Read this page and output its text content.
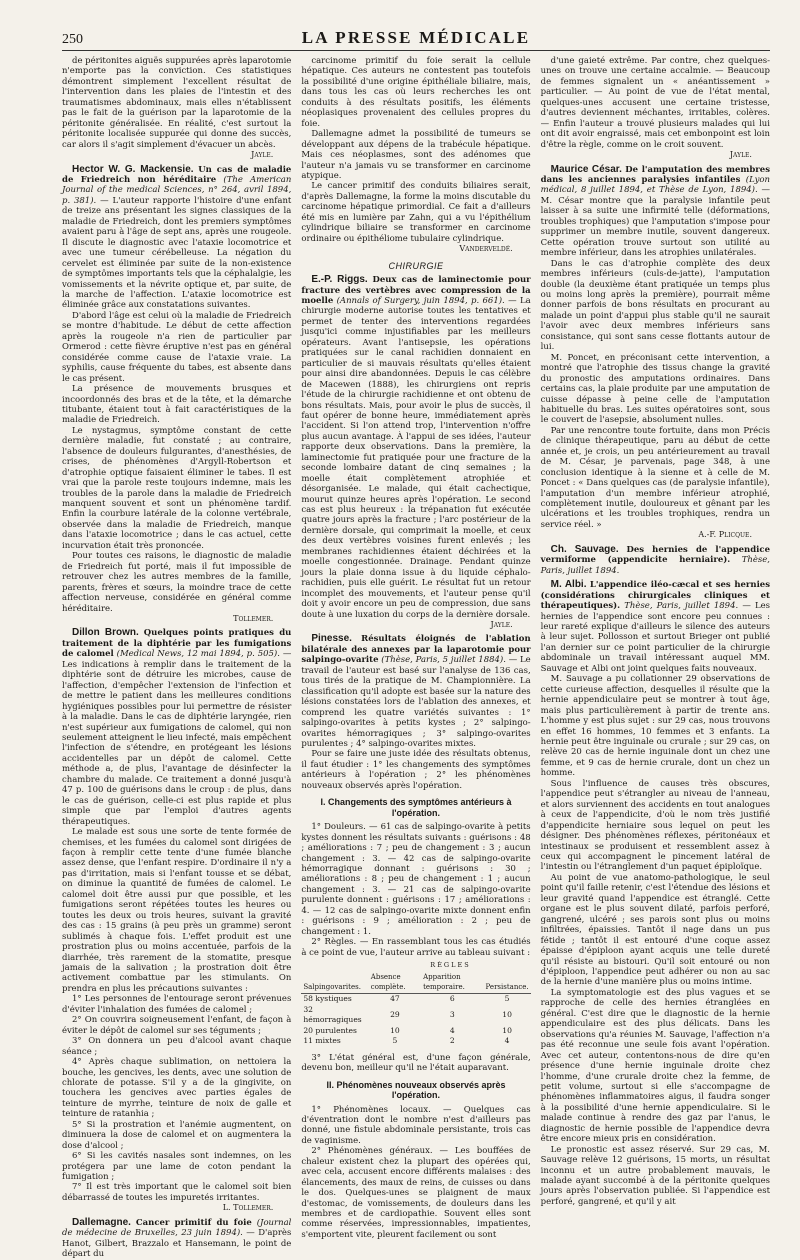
250	LA PRESSE MÉDICALE

de péritonites aiguës suppurées après laparotomie n'emporte pas la conviction. Ces statistiques démontrent simplement l'excellent résultat de l'intervention dans les plaies de l'intestin et des traumatismes abdominaux, mais elles n'établissent pas le fait de la guérison par la laparotomie de la péritonite généralisée. En réalité, c'est surtout la péritonite localisée suppurée qui donne des succès, car alors il s'agit simplement d'évacuer un abcès.

Jayle.

Hector W. G. Mackensie. Un cas de maladie de Friedreich non héréditaire (The American Journal of the medical Sciences, n° 264, avril 1894, p. 381). — L'auteur rapporte l'histoire d'une enfant de treize ans présentant les signes classiques de la maladie de Friedreich, dont les premiers symptômes avaient paru à l'âge de sept ans, après une rougeole. Il discute le diagnostic avec l'ataxie locomotrice et avec une tumeur cérébelleuse. La négation du cervelet est éliminée par suite de la non-existence de symptômes importants tels que la céphalalgie, les vomissements et la névrite optique et, par suite, de la marche de l'affection. L'ataxie locomotrice est éliminée grâce aux constatations suivantes.

D'abord l'âge est celui où la maladie de Friedreich se montre d'habitude. Le début de cette affection après la rougeole n'a rien de particulier par Ormerod : cette fièvre éruptive n'est pas en général considérée comme cause de l'ataxie vraie. La syphilis, cause fréquente du tabes, est absente dans le cas présent.

La présence de mouvements brusques et incoordonnés des bras et de la tête, et la démarche titubante, étaient tout à fait caractéristiques de la maladie de Friedreich.

Le nystagmus, symptôme constant de cette dernière maladie, fut constaté ; au contraire, l'absence de douleurs fulgurantes, d'anesthésies, de crises, de phénomènes d'Argyll-Robertson et d'atrophie optique faisaient éliminer le tabes. Il est vrai que la parole reste toujours indemne, mais les troubles de la parole dans la maladie de Friedreich manquent souvent et sont un phénomène tardif. Enfin la courbure latérale de la colonne vertébrale, observée dans la maladie de Friedreich, manque dans l'ataxie locomotrice ; dans le cas actuel, cette incurvation était très prononcée.

Pour toutes ces raisons, le diagnostic de maladie de Friedreich fut porté, mais il fut impossible de retrouver chez les autres membres de la famille, parents, frères et sœurs, la moindre trace de cette affection nerveuse, considérée en général comme héréditaire.

Tollemer.

Dillon Brown. Quelques points pratiques du traitement de la diphtérie par les fumigations de calomel (Medical News, 12 mai 1894, p. 505). — Les indications à remplir dans le traitement de la diphtérie sont de détruire les microbes, cause de l'affection, d'empêcher l'extension de l'infection et de mettre le patient dans les meilleures conditions hygiéniques possibles pour lui permettre de résister à la maladie. Dans le cas de diphtérie laryngée, rien n'est supérieur aux fumigations de calomel, qui non seulement atteignent le lieu infecté, mais empêchent l'infection de s'étendre, en protégeant les lésions accidentelles par un dépôt de calomel. Cette méthode a, de plus, l'avantage de désinfecter la chambre du malade. Ce traitement a donné jusqu'à 47 p. 100 de guérisons dans le croup : de plus, dans le cas de guérison, celle-ci est plus rapide et plus simple que par l'emploi d'autres agents thérapeutiques.

Le malade est sous une sorte de tente formée de chemises, et les fumées du calomel sont dirigées de façon à remplir cette tente d'une fumée blanche assez dense, que l'enfant respire. D'ordinaire il n'y a pas d'irritation, mais si l'enfant tousse et se débat, on diminue la quantité de fumées de calomel. Le calomel doit être aussi pur que possible, et les fumigations seront répétées toutes les heures ou toutes les deux ou trois heures, suivant la gravité des cas : 15 grains (à peu près un gramme) seront sublimés à chaque fois. L'effet produit est une prostration plus ou moins accentuée, parfois de la diarrhée, très rarement de la stomatite, presque jamais de la salivation ; la prostration doit être activement combattue par les stimulants. On prendra en plus les précautions suivantes :

1° Les personnes de l'entourage seront prévenues d'éviter l'inhalation des fumées de calomel ;

2° On couvrira soigneusement l'enfant, de façon à éviter le dépôt de calomel sur ses téguments ;

3° On donnera un peu d'alcool avant chaque séance ;

4° Après chaque sublimation, on nettoiera la bouche, les gencives, les dents, avec une solution de chlorate de potasse. S'il y a de la gingivite, on touchera les gencives avec parties égales de teinture de myrrhe, teinture de noix de galle et teinture de ratanhia ;

5° Si la prostration et l'anémie augmentent, on diminuera la dose de calomel et on augmentera la dose d'alcool ;

6° Si les cavités nasales sont indemnes, on les protégera par une lame de coton pendant la fumigation ;

7° Il est très important que le calomel soit bien débarrassé de toutes les impuretés irritantes.

L. Tollemer.

Dallemagne. Cancer primitif du foie (Journal de médecine de Bruxelles, 23 juin 1894). — D'après Hanot, Gilbert, Brazzalo et Hansemann, le point de départ du

carcinome primitif du foie serait la cellule hépatique. Ces auteurs ne contestent pas toutefois la possibilité d'une origine épithéliale biliaire, mais, dans tous les cas où leurs recherches les ont conduits à des résultats positifs, les éléments néoplasiques provenaient des cellules propres du foie.

Dallemagne admet la possibilité de tumeurs se développant aux dépens de la trabécule hépatique. Mais ces néoplasmes, sont des adénomes que l'auteur n'a jamais vu se transformer en carcinome atypique.

Le cancer primitif des conduits biliaires serait, d'après Dallemagne, la forme la moins discutable du carcinome hépatique primordial. Ce fait a d'ailleurs été mis en lumière par Zahn, qui a vu l'épithélium cylindrique biliaire se transformer en carcinome ordinaire ou épithéliome tubulaire cylindrique.

Vanderveldé.
CHIRURGIE

E.-P. Riggs. Deux cas de laminectomie pour fracture des vertèbres avec compression de la moelle (Annals of Surgery, juin 1894, p. 661). — La chirurgie moderne autorise toutes les tentatives et permet de tenter des interventions regardées jusqu'ici comme injustifiables par les meilleurs opérateurs. Avant l'antisepsie, les opérations pratiquées sur le canal rachidien donnaient en particulier de si mauvais résultats qu'elles étaient pour ainsi dire abandonnées. Depuis le cas célèbre de Macewen (1888), les chirurgiens ont repris l'étude de la chirurgie rachidienne et ont obtenu de bons résultats. Mais, pour avoir le plus de succès, il faut opérer de bonne heure, immédiatement après l'accident. Si l'on attend trop, l'intervention n'offre plus aucun avantage. À l'appui de ses idées, l'auteur rapporte deux observations. Dans la première, la laminectomie fut pratiquée pour une fracture de la seconde lombaire datant de cinq semaines ; la moelle était complètement atrophiée et désorganisée. Le malade, qui était cachectique, mourut quinze heures après l'opération. Le second cas est plus heureux : la trépanation fut exécutée quatre jours après la fracture ; l'arc postérieur de la dernière dorsale, qui comprimait la moelle, et ceux des deux vertèbres voisines furent enlevés ; les membranes rachidiennes étaient déchirées et la moelle congestionnée. Drainage. Pendant quinze jours la plaie donna issue à du liquide céphalo-rachidien, puis elle guérit. Le résultat fut un retour incomplet des mouvements, et l'auteur pense qu'il doit y avoir encore un peu de compression, due sans doute à une luxation du corps de la dernière dorsale.

Jayle.

Pinesse. Résultats éloignés de l'ablation bilatérale des annexes par la laparotomie pour salpingo-ovarite (Thèse, Paris, 5 juillet 1884). — Le travail de l'auteur est basé sur l'analyse de 136 cas, tous tirés de la pratique de M. Championnière. La classification qu'il adopte est basée sur la nature des lésions constatées lors de l'ablation des annexes, et comprend les quatre variétés suivantes : 1° salpingo-ovarites à petits kystes ; 2° salpingo-ovarites hémorragiques ; 3° salpingo-ovarites purulentes ; 4° salpingo-ovarites mixtes.

Pour se faire une juste idée des résultats obtenus, il faut étudier : 1° les changements des symptômes antérieurs à l'opération ; 2° les phénomènes nouveaux observés après l'opération.

I. Changements des symptômes antérieurs à l'opération.

1° Douleurs. — 61 cas de salpingo-ovarite à petits kystes donnent les résultats suivants : guérisons : 48 ; améliorations : 7 ; peu de changement : 3 ; aucun changement : 3. — 42 cas de salpingo-ovarite hémorragique donnant : guérisons : 30 ; améliorations : 8 ; peu de changement : 1 ; aucun changement : 3. — 21 cas de salpingo-ovarite purulente donnent : guérisons : 17 ; améliorations : 4. — 12 cas de salpingo-ovarite mixte donnent enfin : guérisons : 9 ; amélioration : 2 ; peu de changement : 1.

2° Règles. — En rassemblant tous les cas étudiés à ce point de vue, l'auteur arrive au tableau suivant :

RÈGLES
Salpingovarites.	Absence complète.	Apparition temporaire.	Persistance.
58 kystiques	47	6	5
32 hémorragiques	29	3	10
20 purulentes	10	4	10
11 mixtes	5	2	4

3° L'état général est, d'une façon générale, devenu bon, meilleur qu'il ne l'était auparavant.

II. Phénomènes nouveaux observés après l'opération.

1° Phénomènes locaux. — Quelques cas d'éventration dont le nombre n'est d'ailleurs pas donné, une fistule abdominale persistante, trois cas de vaginisme.

2° Phénomènes généraux. — Les bouffées de chaleur existent chez la plupart des opérées qui, avec cela, accusent encore différents malaises : des élancements, des maux de reins, de cuisses ou dans le dos. Quelques-unes se plaignent de maux d'estomac, de vomissements, de douleurs dans les membres et de cardiopathie. Souvent elles sont comme réservées, impressionnables, impatientes, s'emportent vite, pleurent facilement ou sont

d'une gaieté extrême. Par contre, chez quelques-unes on trouve une certaine accalmie. — Beaucoup de femmes signalent un « anéantissement » particulier. — Au point de vue de l'état mental, quelques-unes accusent une certaine tristesse, d'autres deviennent méchantes, irritables, colères. — Enfin l'auteur a trouvé plusieurs malades qui lui ont dit avoir engraissé, mais cet embonpoint est loin d'être la règle, comme on le croit souvent.

Jayle.

Maurice César. De l'amputation des membres dans les anciennes paralysies infantiles (Lyon médical, 8 juillet 1894, et Thèse de Lyon, 1894). — M. César montre que la paralysie infantile peut laisser à sa suite une infirmité telle (déformations, troubles trophiques) que l'amputation s'impose pour supprimer un membre inutile, souvent dangereux. Cette opération trouve surtout son utilité au membre inférieur, dans les atrophies unilatérales.

Dans le cas d'atrophie complète des deux membres inférieurs (culs-de-jatte), l'amputation double (la deuxième étant pratiquée un temps plus ou moins long après la première), pourrait même donner parfois de bons résultats en procurant au malade un point d'appui plus stable qu'il ne saurait l'avoir avec deux membres inférieurs sans consistance, qui sont sans cesse flottants autour de lui.

M. Poncet, en préconisant cette intervention, a montré que l'atrophie des tissus change la gravité du pronostic des amputations ordinaires. Dans certains cas, la plaie produite par une amputation de cuisse dépasse à peine celle de l'amputation habituelle du bras. Les suites opératoires sont, sous le couvert de l'asepsie, absolument nulles.

Par une rencontre toute fortuite, dans mon Précis de clinique thérapeutique, paru au début de cette année et, je crois, un peu antérieurement au travail de M. César, je parvenais, page 348, à une conclusion identique à la sienne et à celle de M. Poncet : « Dans quelques cas (de paralysie infantile), l'amputation d'un membre inférieur atrophié, complètement inutile, douloureux et gênant par les ulcérations et les troubles trophiques, rendra un service réel. »

A.-F. Plicque.

Ch. Sauvage. Des hernies de l'appendice vermiforme (appendicite herniaire). Thèse, Paris, juillet 1894.

M. Albi. L'appendice iléo-cæcal et ses hernies (considérations chirurgicales cliniques et thérapeutiques). Thèse, Paris, juillet 1894. — Les hernies de l'appendice sont encore peu connues : leur rareté explique d'ailleurs le silence des auteurs à leur sujet. Pollosson et surtout Brieger ont publié l'an dernier sur ce point particulier de la chirurgie abdominale un travail intéressant auquel MM. Sauvage et Albi ont joint quelques faits nouveaux.

M. Sauvage a pu collationner 29 observations de cette curieuse affection, desquelles il résulte que la hernie appendiculaire peut se montrer à tout âge, mais plus particulièrement à partir de trente ans. L'homme y est plus sujet : sur 29 cas, nous trouvons en effet 16 hommes, 10 femmes et 3 enfants. La hernie peut être inguinale ou crurale ; sur 29 cas, on relève 20 cas de hernie inguinale dont un chez une femme, et 9 cas de hernie crurale, dont un chez un homme.

Sous l'influence de causes très obscures, l'appendice peut s'étrangler au niveau de l'anneau, et alors surviennent des accidents en tout analogues à ceux de l'appendicite, d'où le nom très justifié d'appendicite herniaire sous lequel on peut les désigner. Des phénomènes réflexes, péritonéaux et intestinaux se produisent et ressemblent assez à ceux qui accompagnent le pincement latéral de l'intestin ou l'étranglement d'un paquet épiploïque.

Au point de vue anatomo-pathologique, le seul point qu'il faille retenir, c'est l'étendue des lésions et leur gravité quand l'appendice est étranglé. Cette organe est le plus souvent dilaté, parfois perforé, gangrené, ulcéré ; ses parois sont plus ou moins infiltrées, épaissies. Tantôt il nage dans un pus fétide ; tantôt il est entouré d'une coque assez épaisse d'épiploon ayant acquis une telle dureté qu'il résiste au bistouri. Qu'il soit entouré ou non d'épiploon, l'appendice peut adhérer ou non au sac de la hernie d'une manière plus ou moins intime.

La symptomatologie est des plus vagues et se rapproche de celle des hernies étranglées en général. C'est dire que le diagnostic de la hernie appendiculaire est des plus délicats. Dans les observations qu'a réunies M. Sauvage, l'affection n'a pas été reconnue une seule fois avant l'opération. Avec cet auteur, contentons-nous de dire qu'en présence d'une hernie inguinale droite chez l'homme, d'une crurale droite chez la femme, de petit volume, surtout si elle s'accompagne de phénomènes inflammatoires aigus, il faudra songer à la possibilité d'une hernie appendiculaire. Si le malade continue à rendre des gaz par l'anus, le diagnostic de hernie possible de l'appendice devra être encore mieux pris en considération.

Le pronostic est assez réservé. Sur 29 cas, M. Sauvage relève 12 guérisons, 15 morts, un résultat inconnu et un autre probablement mauvais, le malade ayant succombé à de la péritonite quelques jours après l'observation publiée. Si l'appendice est perforé, gangrené, et qu'il y ait
